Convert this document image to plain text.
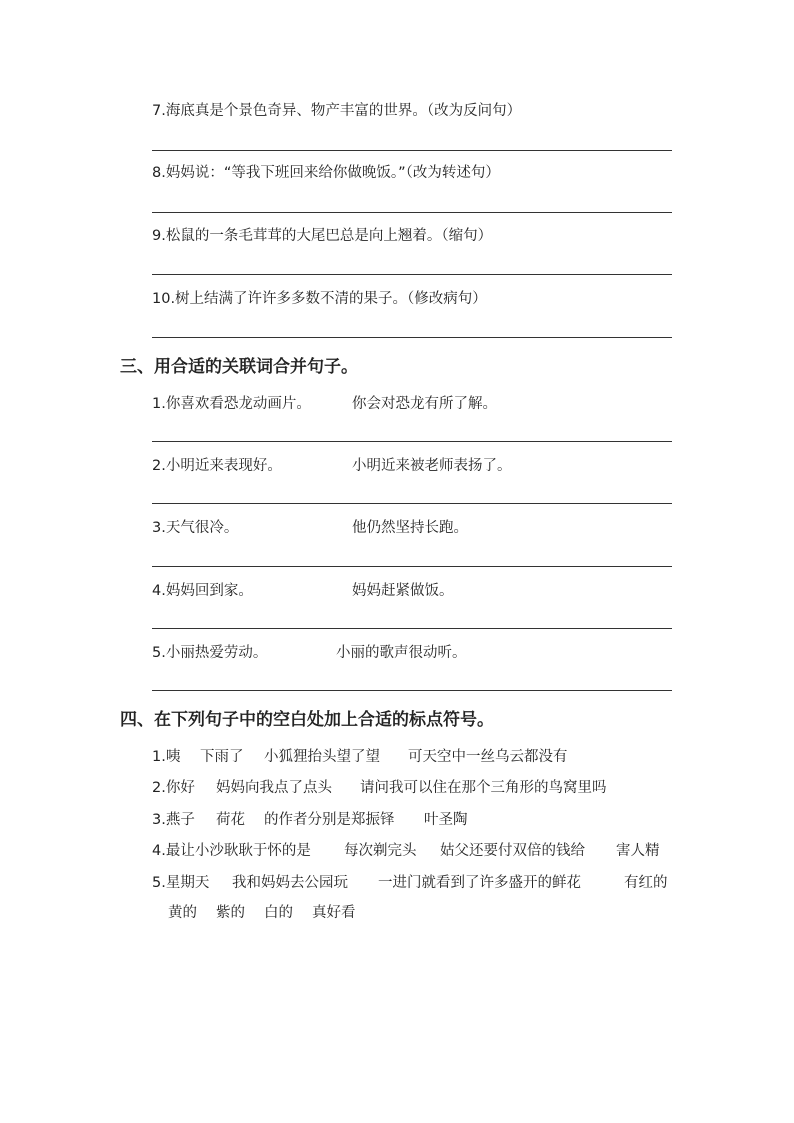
7.海底真是个景色奇异、物产丰富的世界。（改为反问句）
8.妈妈说：“等我下班回来给你做晚饭。”（改为转述句）
9.松鼠的一条毛茸茸的大尾巴总是向上翘着。（缩句）
10.树上结满了许许多多数不清的果子。（修改病句）
三、用合适的关联词合并句子。
1.你喜欢看恐龙动画片。	你会对恐龙有所了解。
2.小明近来表现好。	小明近来被老师表扬了。
3.天气很冷。	他仍然坚持长跑。
4.妈妈回到家。	妈妈赶紧做饭。
5.小丽热爱劳动。	小丽的歌声很动听。
四、在下列句子中的空白处加上合适的标点符号。
1.咦 下雨了 小狐狸抬头望了望 可天空中一丝乌云都没有
2.你好 妈妈向我点了点头 请问我可以住在那个三角形的鸟窝里吗
3.燕子 荷花 的作者分别是郑振铎 叶圣陶
4.最让小沙耿耿于怀的是 每次剃完头 姑父还要付双倍的钱给 害人精
5.星期天 我和妈妈去公园玩 一进门就看到了许多盛开的鲜花	有红的
黄的 紫的 白的 真好看
